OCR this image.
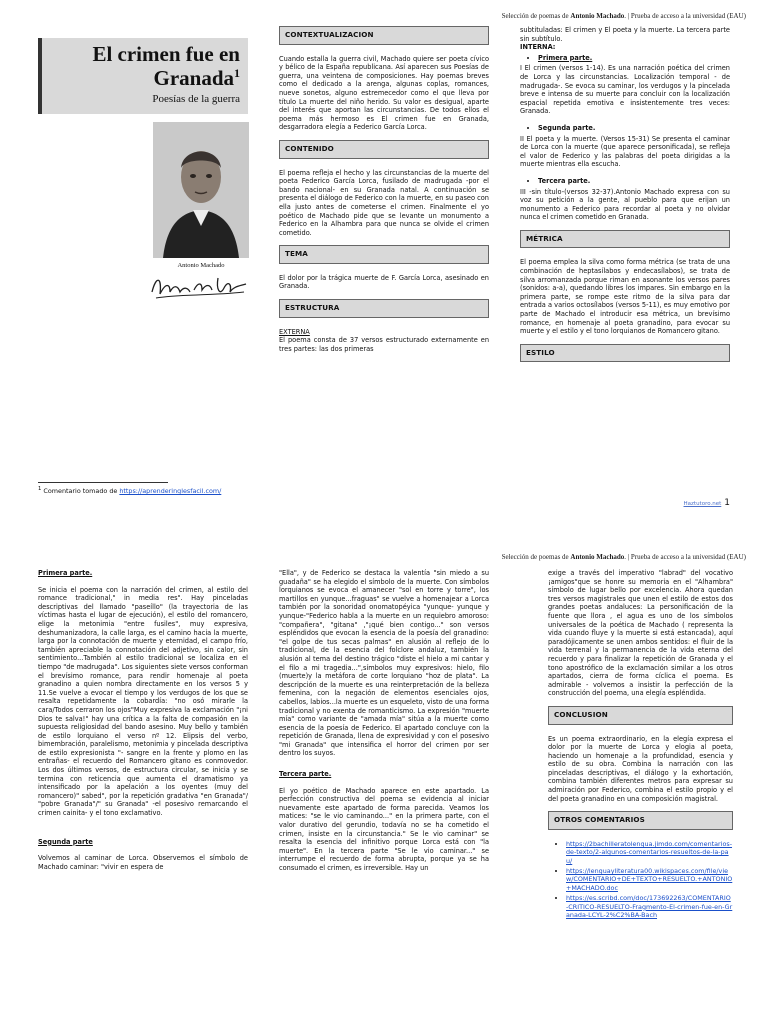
Selección de poemas de Antonio Machado. | Prueba de acceso a la universidad (EAU)
El crimen fue en
Granada$^1$
Poesías de la guerra
Antonio Machado
$^1$ Comentario tomado de https://aprenderinglesfacil.com/
CONTEXTUALIZACION

Cuando estalla la guerra civil, Machado quiere ser poeta cívico y bélico de la España republicana. Así aparecen sus Poesías de guerra, una veintena de composiciones. Hay poemas breves como el dedicado a la arenga, algunas coplas, romances, nueve sonetos, alguno estremecedor como el que lleva por título La muerte del niño herido. Su valor es desigual, aparte del interés que aportan las circunstancias. De todos ellos el poema más hermoso es El crimen fue en Granada, desgarradora elegía a Federico García Lorca.

CONTENIDO

El poema refleja el hecho y las circunstancias de la muerte del poeta Federico García Lorca, fusilado de madrugada -por el bando nacional- en su Granada natal. A continuación se presenta el diálogo de Federico con la muerte, en su paseo con ella justo antes de cometerse el crimen. Finalmente el yo poético de Machado pide que se levante un monumento a Federico en la Alhambra para que nunca se olvide el crimen cometido.

TEMA

El dolor por la trágica muerte de F. García Lorca, asesinado en Granada.

ESTRUCTURA
EXTERNA

El poema consta de 37 versos estructurado externamente en tres partes: las dos primeras

subtituladas: El crimen y El poeta y la muerte. La tercera parte sin subtítulo.

INTERNA:
• Primera parte.

I El crimen (versos 1-14). Es una narración poética del crimen de Lorca y las circunstancias. Localización temporal - de madrugada-. Se evoca su caminar, los verdugos y la pincelada breve e intensa de su muerte para concluir con la localización espacial repetida emotiva e insistentemente tres veces: Granada.

• Segunda parte.

II El poeta y la muerte. (Versos 15-31) Se presenta el caminar de Lorca con la muerte (que aparece personificada), se refleja el valor de Federico y las palabras del poeta dirigidas a la muerte mientras ella escucha.

• Tercera parte.

III -sin título-(versos 32-37).Antonio Machado expresa con su voz su petición a la gente, al pueblo para que erijan un monumento a Federico para recordar al poeta y no olvidar nunca el crimen cometido en Granada.

MÉTRICA

El poema emplea la silva como forma métrica (se trata de una combinación de heptasílabos y endecasílabos), se trata de silva arromanzada porque riman en asonante los versos pares (sonidos: a-a), quedando libres los impares. Sin embargo en la primera parte, se rompe este ritmo de la silva para dar entrada a varios octosílabos (versos 5-11), es muy emotivo por parte de Machado el introducir esa métrica, un brevísimo romance, en homenaje al poeta granadino, para evocar su muerte y el estilo y el tono lorquianos de Romancero gitano.

ESTILO
Haztutoro.net 1
Selección de poemas de Antonio Machado. | Prueba de acceso a la universidad (EAU)
Primera parte.

Se inicia el poema con la narración del crimen, al estilo del romance tradicional," in media res". Hay pinceladas descriptivas del llamado "paseíllo" (la trayectoria de las víctimas hasta el lugar de ejecución), el estilo del romancero, elige la metonimia "entre fusiles", muy expresiva, deshumanizadora, la calle larga, es el camino hacia la muerte, larga por la connotación de muerte y eternidad, el campo frío, también apreciable la connotación del adjetivo, sin calor, sin sentimiento...También al estilo tradicional se localiza en el tiempo "de madrugada". Los siguientes siete versos conforman el brevísimo romance, para rendir homenaje al poeta granadino a quien nombra directamente en los versos 5 y 11.Se vuelve a evocar el tiempo y los verdugos de los que se resalta repetidamente la cobardía: "no osó mirarle la cara/Todos cerraron los ojos"Muy expresiva la exclamación "¡ni Dios te salva!" hay una crítica a la falta de compasión en la supuesta religiosidad del bando asesino. Muy bello y también de estilo lorquiano el verso nº 12. Elipsis del verbo, bimembración, paralelismo, metonimia y pincelada descriptiva de estilo expresionista "- sangre en la frente y plomo en las entrañas- el recuerdo del Romancero gitano es conmovedor. Los dos últimos versos, de estructura circular, se inicia y se termina con reticencia que aumenta el dramatismo ya intensificado por la apelación a los oyentes (muy del romancero)" sabed", por la repetición gradativa "en Granada"/ "pobre Granada"/" su Granada" -el posesivo remarcando el crimen cainita- y el tono exclamativo.

Segunda parte

Volvemos al caminar de Lorca. Observemos el símbolo de Machado caminar: "vivir en espera de

"Ella", y de Federico se destaca la valentía "sin miedo a su guadaña" se ha elegido el símbolo de la muerte. Con símbolos lorquianos se evoca el amanecer "sol en torre y torre", los martillos en yunque...fraguas" se vuelve a homenajear a Lorca también por la sonoridad onomatopéyica "yunque- yunque y yunque-"Federico habla a la muerte en un requiebro amoroso: "compañera", "gitana" ,"¡qué bien contigo..." son versos espléndidos que evocan la esencia de la poesía del granadino: "el golpe de tus secas palmas" en alusión al reflejo de lo tradicional, de la esencia del folclore andaluz, también la alusión al tema del destino trágico "diste el hielo a mi cantar y el filo a mi tragedia...",símbolos muy expresivos: hielo, filo (muerte)y la metáfora de corte lorquiano "hoz de plata". La descripción de la muerte es una reinterpretación de la belleza femenina, con la negación de elementos esenciales ojos, cabellos, labios...la muerte es un esqueleto, visto de una forma tradicional y no exenta de romanticismo. La expresión "muerte mía" como variante de "amada mía" sitúa a la muerte como esencia de la poesía de Federico. El apartado concluye con la repetición de Granada, llena de expresividad y con el posesivo "mi Granada" que intensifica el horror del crimen por ser dentro los suyos.

Tercera parte.

El yo poético de Machado aparece en este apartado. La perfección constructiva del poema se evidencia al iniciar nuevamente este apartado de forma parecida. Veamos los matices: "se le vio caminando..." en la primera parte, con el valor durativo del gerundio, todavía no se ha cometido el crimen, insiste en la circunstancia." Se le vio caminar" se resalta la esencia del infinitivo porque Lorca está con "la muerte". En la tercera parte "Se le vio caminar..." se interrumpe el recuerdo de forma abrupta, porque ya se ha consumado el crimen, es irreversible. Hay un

exige a través del imperativo "labrad" del vocativo ¡amigos"que se honre su memoria en el "Alhambra" símbolo de lugar bello por excelencia. Ahora quedan tres versos magistrales que unen el estilo de estos dos grandes poetas andaluces: La personificación de la fuente que llora , el agua es uno de los símbolos universales de la poética de Machado ( representa la vida cuando fluye y la muerte si está estancada), aquí paradójicamente se unen ambos sentidos: el fluir de la vida terrenal y la permanencia de la vida eterna del recuerdo y para finalizar la repetición de Granada y el tono apostrófico de la exclamación similar a los otros apartados, cierra de forma cíclica el poema. Es admirable - volvemos a insistir la perfección de la construcción del poema, una elegía espléndida.

CONCLUSION

Es un poema extraordinario, en la elegía expresa el dolor por la muerte de Lorca y elogia al poeta, haciendo un homenaje a la profundidad, esencia y estilo de su obra. Combina la narración con las pinceladas descriptivas, el diálogo y la exhortación, combina también diferentes metros para expresar su admiración por Federico, combina el estilo propio y el del poeta granadino en una composición magistral.

OTROS COMENTARIOS
• https://2bachilleratolengua.jimdo.com/comentarios-de-texto/2-algunos-comentarios-resueltos-de-la-pau/
• https://lenguayliteratura00.wikispaces.com/file/view/COMENTARIO+DE+TEXTO+RESUELTO.+ANTONIO+MACHADO.doc
• https://es.scribd.com/doc/173692263/COMENTARIO-CRITICO-RESUELTO-Fragmento-El-crimen-fue-en-Granada-LCYL-2%C2%BA-Bach
